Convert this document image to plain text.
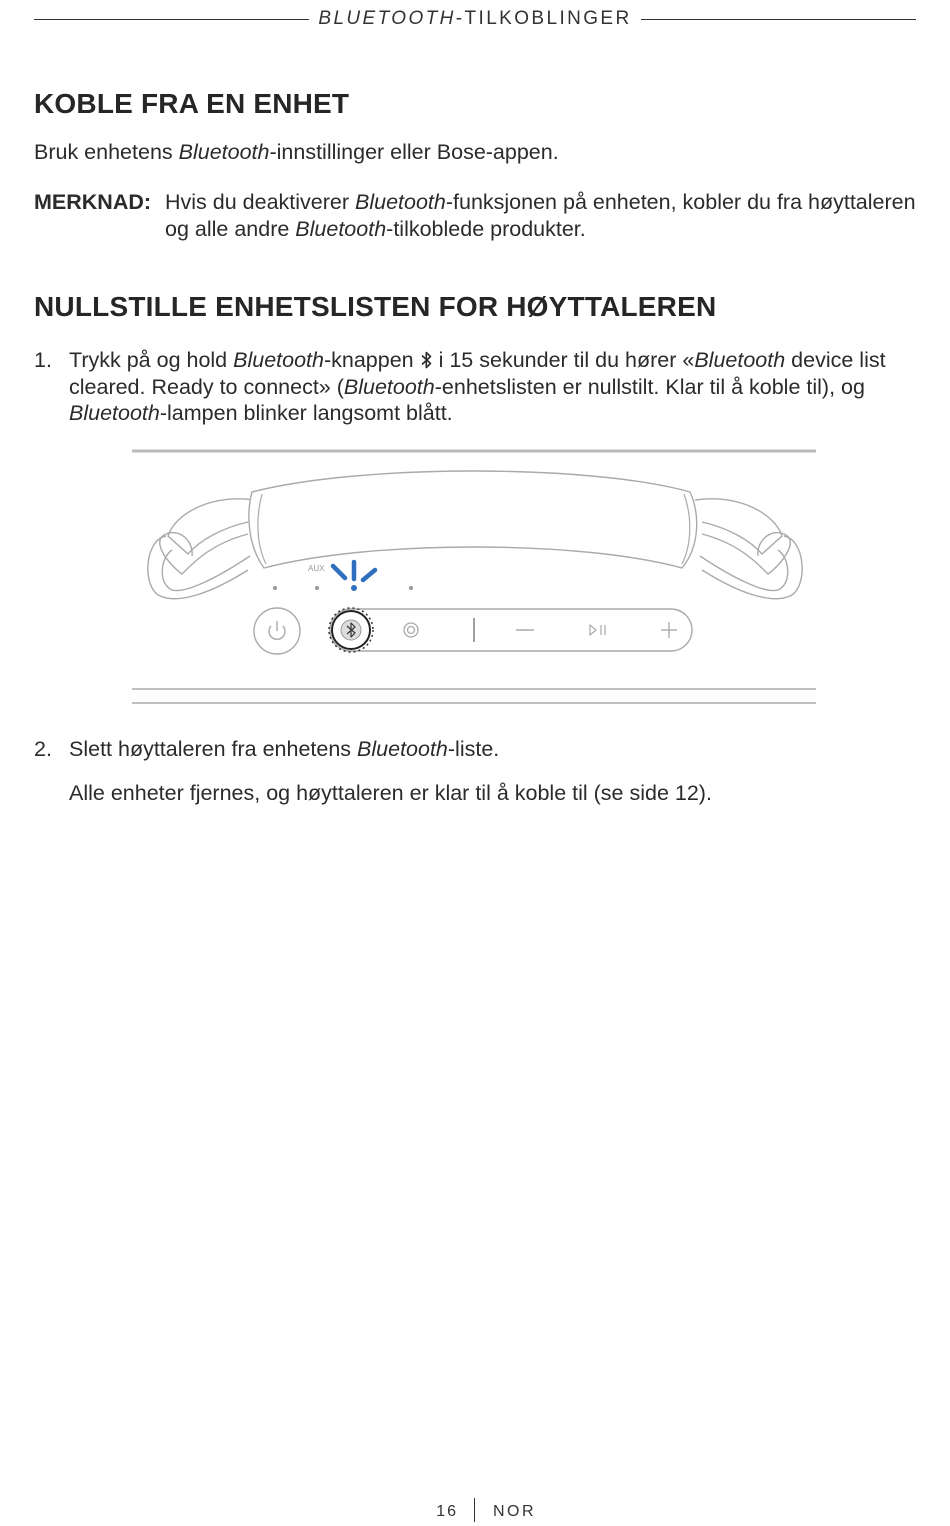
BLUETOOTH-TILKOBLINGER
KOBLE FRA EN ENHET

Bruk enhetens Bluetooth-innstillinger eller Bose-appen.

MERKNAD: Hvis du deaktiverer Bluetooth-funksjonen på enheten, kobler du fra høyttaleren og alle andre Bluetooth-tilkoblede produkter.
NULLSTILLE ENHETSLISTEN FOR HØYTTALEREN
1. Trykk på og hold Bluetooth-knappen  i 15 sekunder til du hører «Bluetooth device list cleared. Ready to connect» (Bluetooth-enhetslisten er nullstilt. Klar til å koble til), og Bluetooth-lampen blinker langsomt blått.
AUX
2. Slett høyttaleren fra enhetens Bluetooth-liste.

Alle enheter fjernes, og høyttaleren er klar til å koble til (se side 12).

16 NOR
